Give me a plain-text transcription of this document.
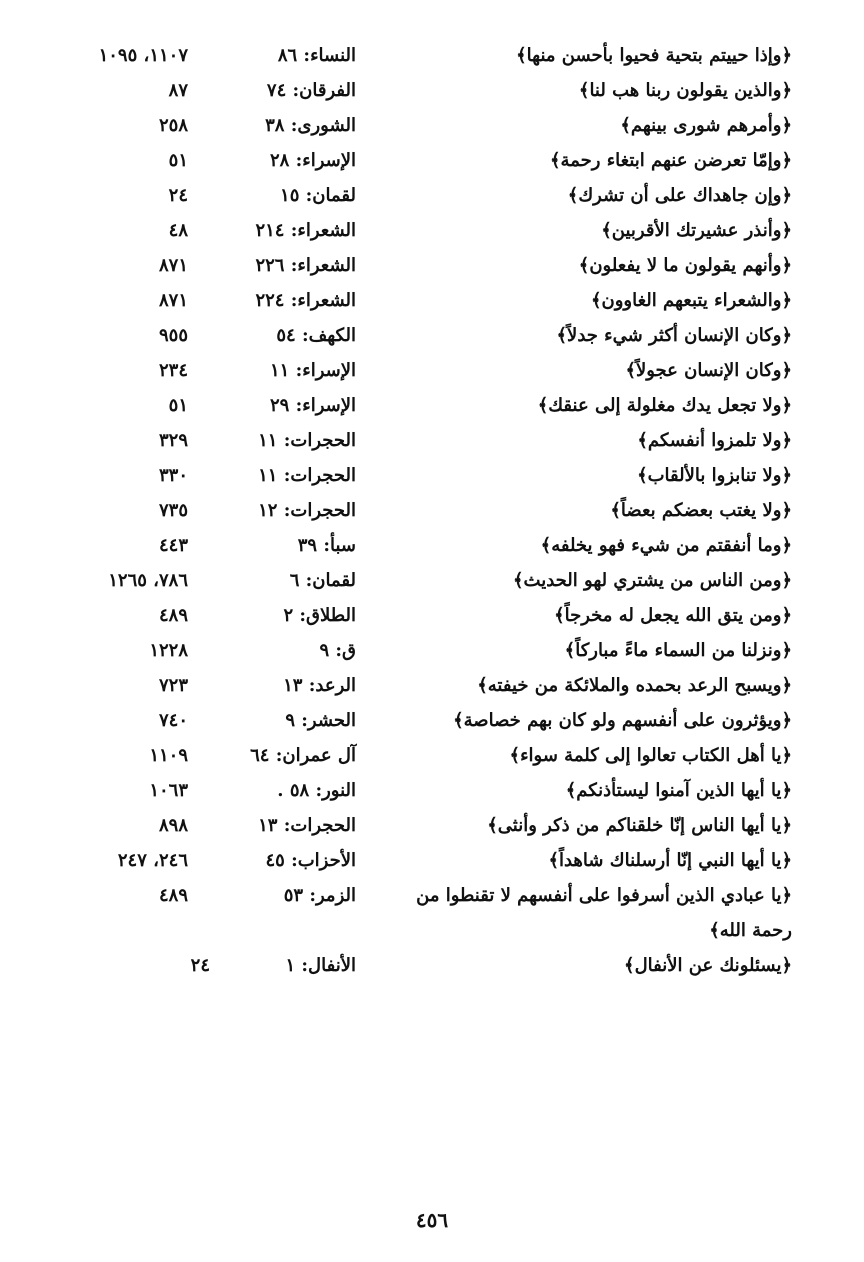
﴿وإذا حييتم بتحية فحيوا بأحسن منها﴾
النساء: ٨٦
١١٠٧، ١٠٩٥
﴿والذين يقولون ربنا هب لنا﴾
الفرقان: ٧٤
٨٧
﴿وأمرهم شورى بينهم﴾
الشورى: ٣٨
٢٥٨
﴿وإمّا تعرضن عنهم ابتغاء رحمة﴾
الإسراء: ٢٨
٥١
﴿وإن جاهداك على أن تشرك﴾
لقمان: ١٥
٢٤
﴿وأنذر عشيرتك الأقربين﴾
الشعراء: ٢١٤
٤٨
﴿وأنهم يقولون ما لا يفعلون﴾
الشعراء: ٢٢٦
٨٧١
﴿والشعراء يتبعهم الغاوون﴾
الشعراء: ٢٢٤
٨٧١
﴿وكان الإنسان أكثر شيء جدلاً﴾
الكهف: ٥٤
٩٥٥
﴿وكان الإنسان عجولاً﴾
الإسراء: ١١
٢٣٤
﴿ولا تجعل يدك مغلولة إلى عنقك﴾
الإسراء: ٢٩
٥١
﴿ولا تلمزوا أنفسكم﴾
الحجرات: ١١
٣٢٩
﴿ولا تنابزوا بالألقاب﴾
الحجرات: ١١
٣٣٠
﴿ولا يغتب بعضكم بعضاً﴾
الحجرات: ١٢
٧٣٥
﴿وما أنفقتم من شيء فهو يخلفه﴾
سبأ: ٣٩
٤٤٣
﴿ومن الناس من يشتري لهو الحديث﴾
لقمان: ٦
٧٨٦، ١٢٦٥
﴿ومن يتق الله يجعل له مخرجاً﴾
الطلاق: ٢
٤٨٩
﴿ونزلنا من السماء ماءً مباركاً﴾
ق: ٩
١٢٢٨
﴿ويسبح الرعد بحمده والملائكة من خيفته﴾
الرعد: ١٣
٧٢٣
﴿ويؤثرون على أنفسهم ولو كان بهم خصاصة﴾
الحشر: ٩
٧٤٠
﴿يا أهل الكتاب تعالوا إلى كلمة سواء﴾
آل عمران: ٦٤
١١٠٩
﴿يا أيها الذين آمنوا ليستأذنكم﴾
النور: ٥٨ .
١٠٦٣
﴿يا أيها الناس إنّا خلقناكم من ذكر وأنثى﴾
الحجرات: ١٣
٨٩٨
﴿يا أيها النبي إنّا أرسلناك شاهداً﴾
الأحزاب: ٤٥
٢٤٦، ٢٤٧
﴿يا عبادي الذين أسرفوا على أنفسهم لا تقنطوا من رحمة الله﴾
الزمر: ٥٣
٤٨٩
﴿يسئلونك عن الأنفال﴾
الأنفال: ١
٢٤
٤٥٦
